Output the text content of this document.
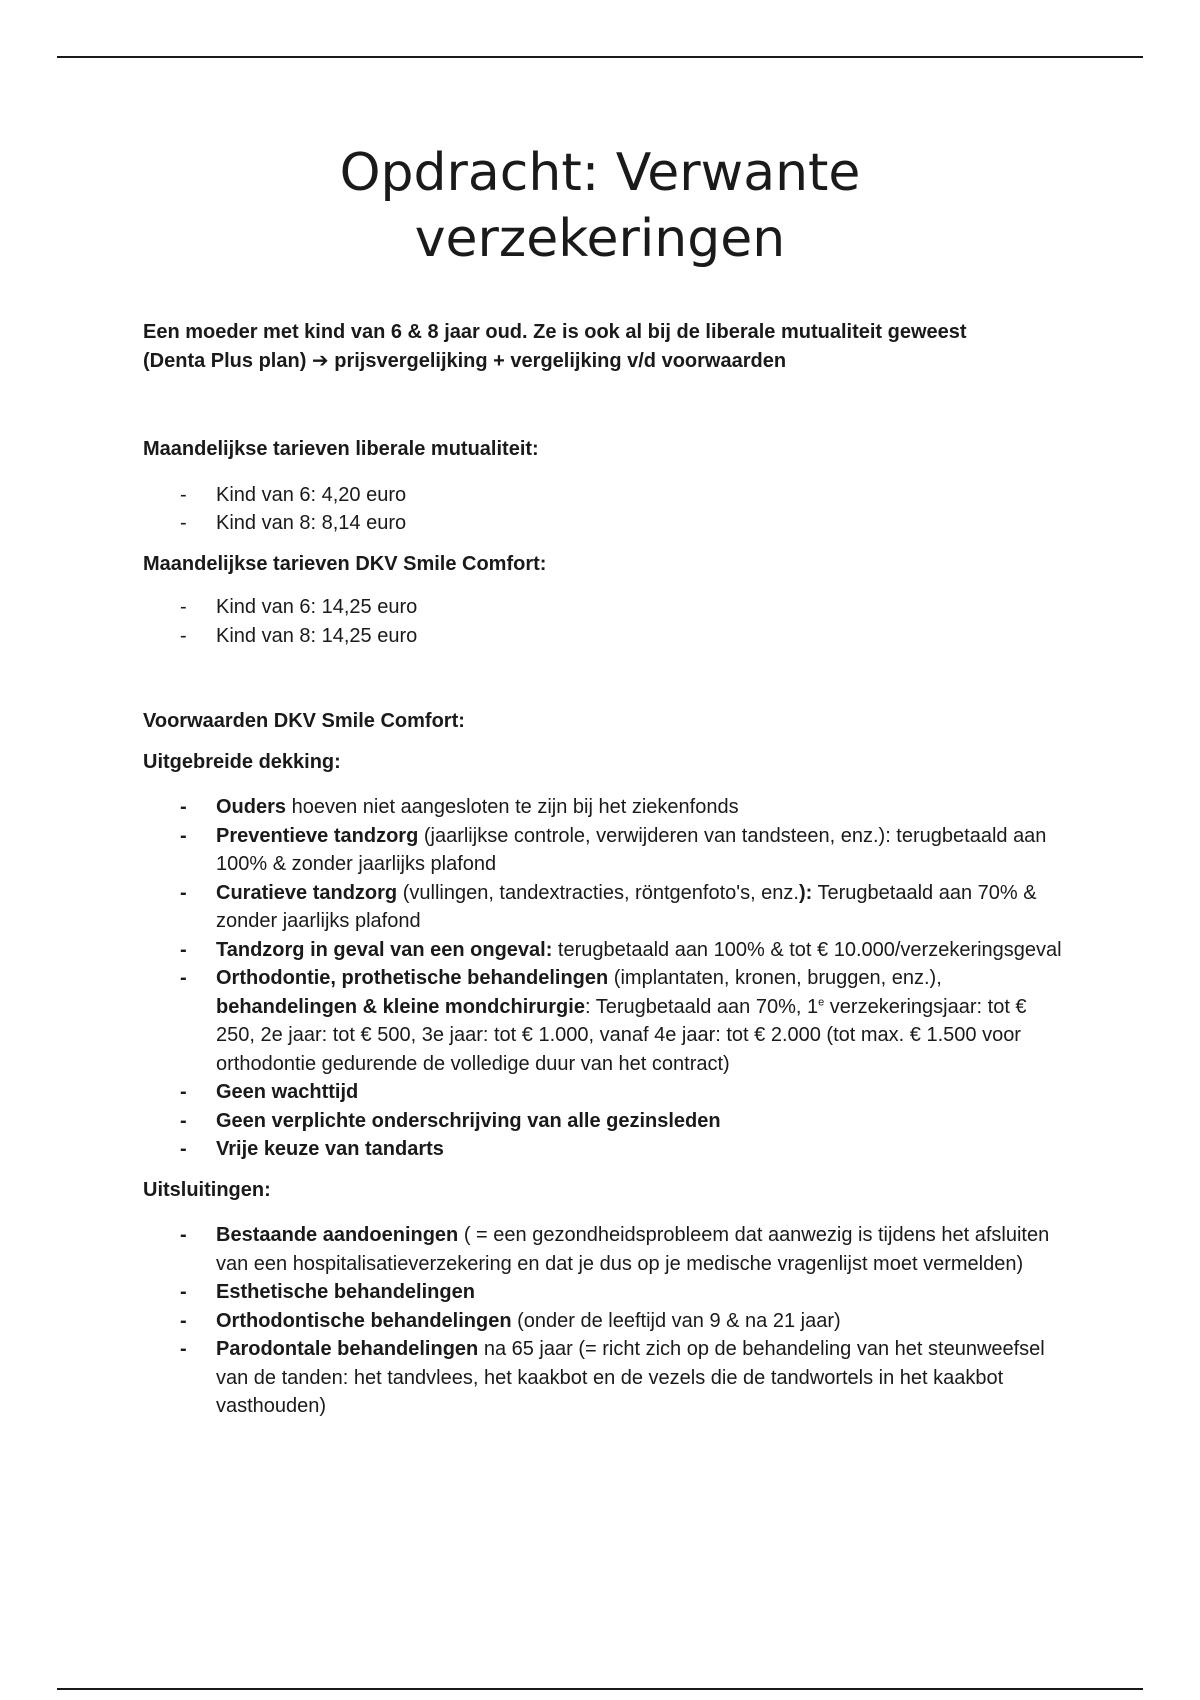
Opdracht: Verwante
verzekeringen

Een moeder met kind van 6 & 8 jaar oud. Ze is ook al bij de liberale mutualiteit geweest
(Denta Plus plan) ➔ prijsvergelijking + vergelijking v/d voorwaarden

Maandelijkse tarieven liberale mutualiteit:

- Kind van 6: 4,20 euro
- Kind van 8: 8,14 euro

Maandelijkse tarieven DKV Smile Comfort:

- Kind van 6: 14,25 euro
- Kind van 8: 14,25 euro

Voorwaarden DKV Smile Comfort:

Uitgebreide dekking:

- Ouders hoeven niet aangesloten te zijn bij het ziekenfonds
- Preventieve tandzorg (jaarlijkse controle, verwijderen van tandsteen, enz.): terugbetaald aan 100% & zonder jaarlijks plafond
- Curatieve tandzorg (vullingen, tandextracties, röntgenfoto's, enz.): Terugbetaald aan 70% & zonder jaarlijks plafond
- Tandzorg in geval van een ongeval: terugbetaald aan 100% & tot € 10.000/verzekeringsgeval
- Orthodontie, prothetische behandelingen (implantaten, kronen, bruggen, enz.), behandelingen & kleine mondchirurgie: Terugbetaald aan 70%, 1e verzekeringsjaar: tot € 250, 2e jaar: tot € 500, 3e jaar: tot € 1.000, vanaf 4e jaar: tot € 2.000 (tot max. € 1.500 voor orthodontie gedurende de volledige duur van het contract)
- Geen wachttijd
- Geen verplichte onderschrijving van alle gezinsleden
- Vrije keuze van tandarts

Uitsluitingen:

- Bestaande aandoeningen ( = een gezondheidsprobleem dat aanwezig is tijdens het afsluiten van een hospitalisatieverzekering en dat je dus op je medische vragenlijst moet vermelden)
- Esthetische behandelingen
- Orthodontische behandelingen (onder de leeftijd van 9 & na 21 jaar)
- Parodontale behandelingen na 65 jaar (= richt zich op de behandeling van het steunweefsel van de tanden: het tandvlees, het kaakbot en de vezels die de tandwortels in het kaakbot vasthouden)
